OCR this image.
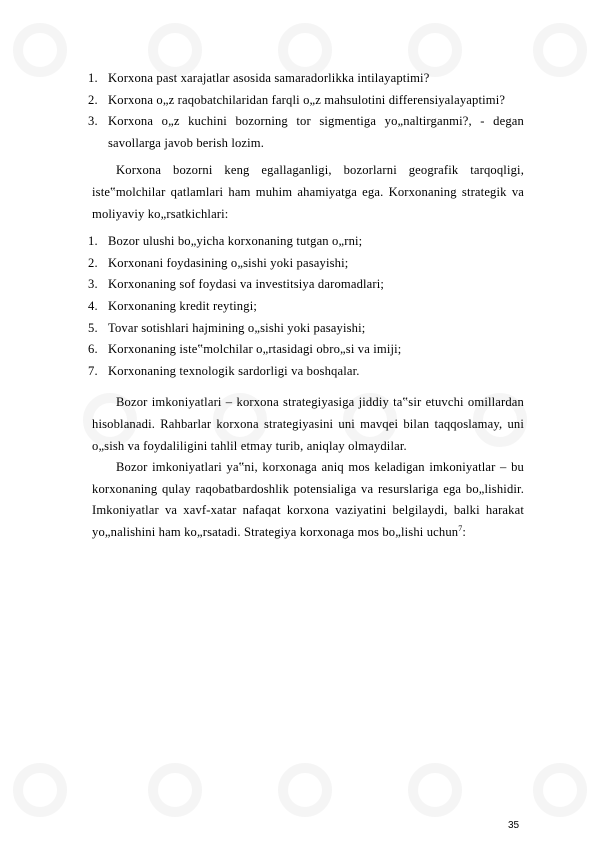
1. Korxona past xarajatlar asosida samaradorlikka intilayaptimi?
2. Korxona o„z raqobatchilaridan farqli o„z mahsulotini differensiyalayaptimi?
3. Korxona o„z kuchini bozorning tor sigmentiga yo„naltirganmi?, - degan savollarga javob berish lozim.

Korxona bozorni keng egallaganligi, bozorlarni geografik tarqoqligi, iste‟molchilar qatlamlari ham muhim ahamiyatga ega. Korxonaning strategik va moliyaviy ko„rsatkichlari:

1. Bozor ulushi bo„yicha korxonaning tutgan o„rni;
2. Korxonani foydasining o„sishi yoki pasayishi;
3. Korxonaning sof foydasi va investitsiya daromadlari;
4. Korxonaning kredit reytingi;
5. Tovar sotishlari hajmining o„sishi yoki pasayishi;
6. Korxonaning iste‟molchilar o„rtasidagi obro„si va imiji;
7. Korxonaning texnologik sardorligi va boshqalar.

Bozor imkoniyatlari – korxona strategiyasiga jiddiy ta‟sir etuvchi omillardan hisoblanadi. Rahbarlar korxona strategiyasini uni mavqei bilan taqqoslamay, uni o„sish va foydaliligini tahlil etmay turib, aniqlay olmaydilar.

Bozor imkoniyatlari ya‟ni, korxonaga aniq mos keladigan imkoniyatlar – bu korxonaning qulay raqobatbardoshlik potensialiga va resurslariga ega bo„lishidir. Imkoniyatlar va xavf-xatar nafaqat korxona vaziyatini belgilaydi, balki harakat yo„nalishini ham ko„rsatadi. Strategiya korxonaga mos bo„lishi uchun$^7$:

35
